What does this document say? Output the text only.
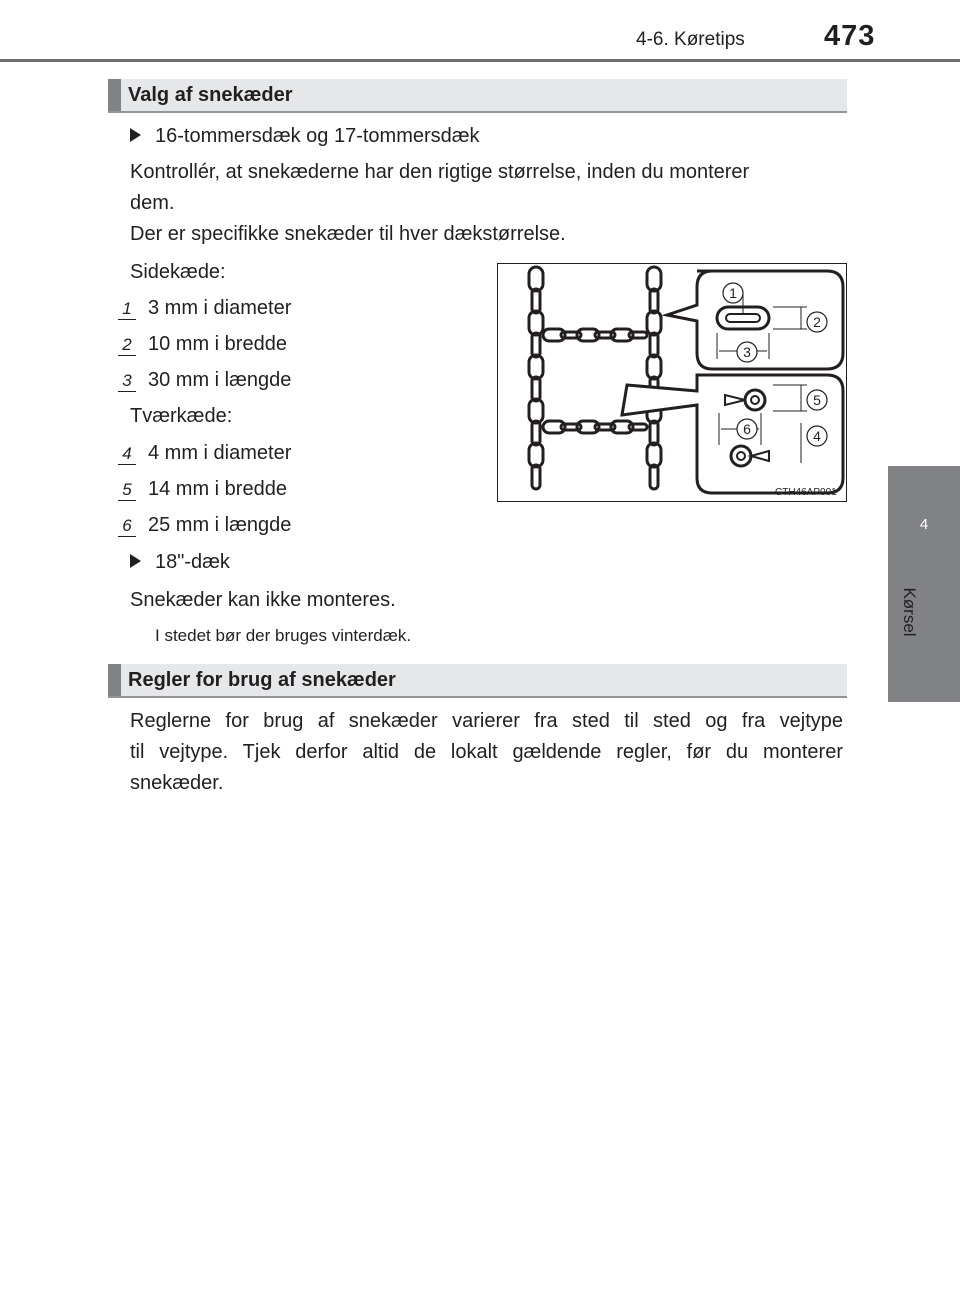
4-6. Køretips	473
4
Kørsel
Valg af snekæder
16-tommersdæk og 17-tommersdæk
Kontrollér, at snekæderne har den rigtige størrelse, inden du monterer
dem.
Der er specifikke snekæder til hver dækstørrelse.
Sidekæde:
1 3 mm i diameter
2 10 mm i bredde
3 30 mm i længde
Tværkæde:
4 4 mm i diameter
5 14 mm i bredde
6 25 mm i længde
18"-dæk
Snekæder kan ikke monteres.
I stedet bør der bruges vinterdæk.
1
2
3
4
5
6
CTH46AP001
Regler for brug af snekæder
Reglerne for brug af snekæder varierer fra sted til sted og fra vejtype
til vejtype. Tjek derfor altid de lokalt gældende regler, før du monterer
snekæder.
